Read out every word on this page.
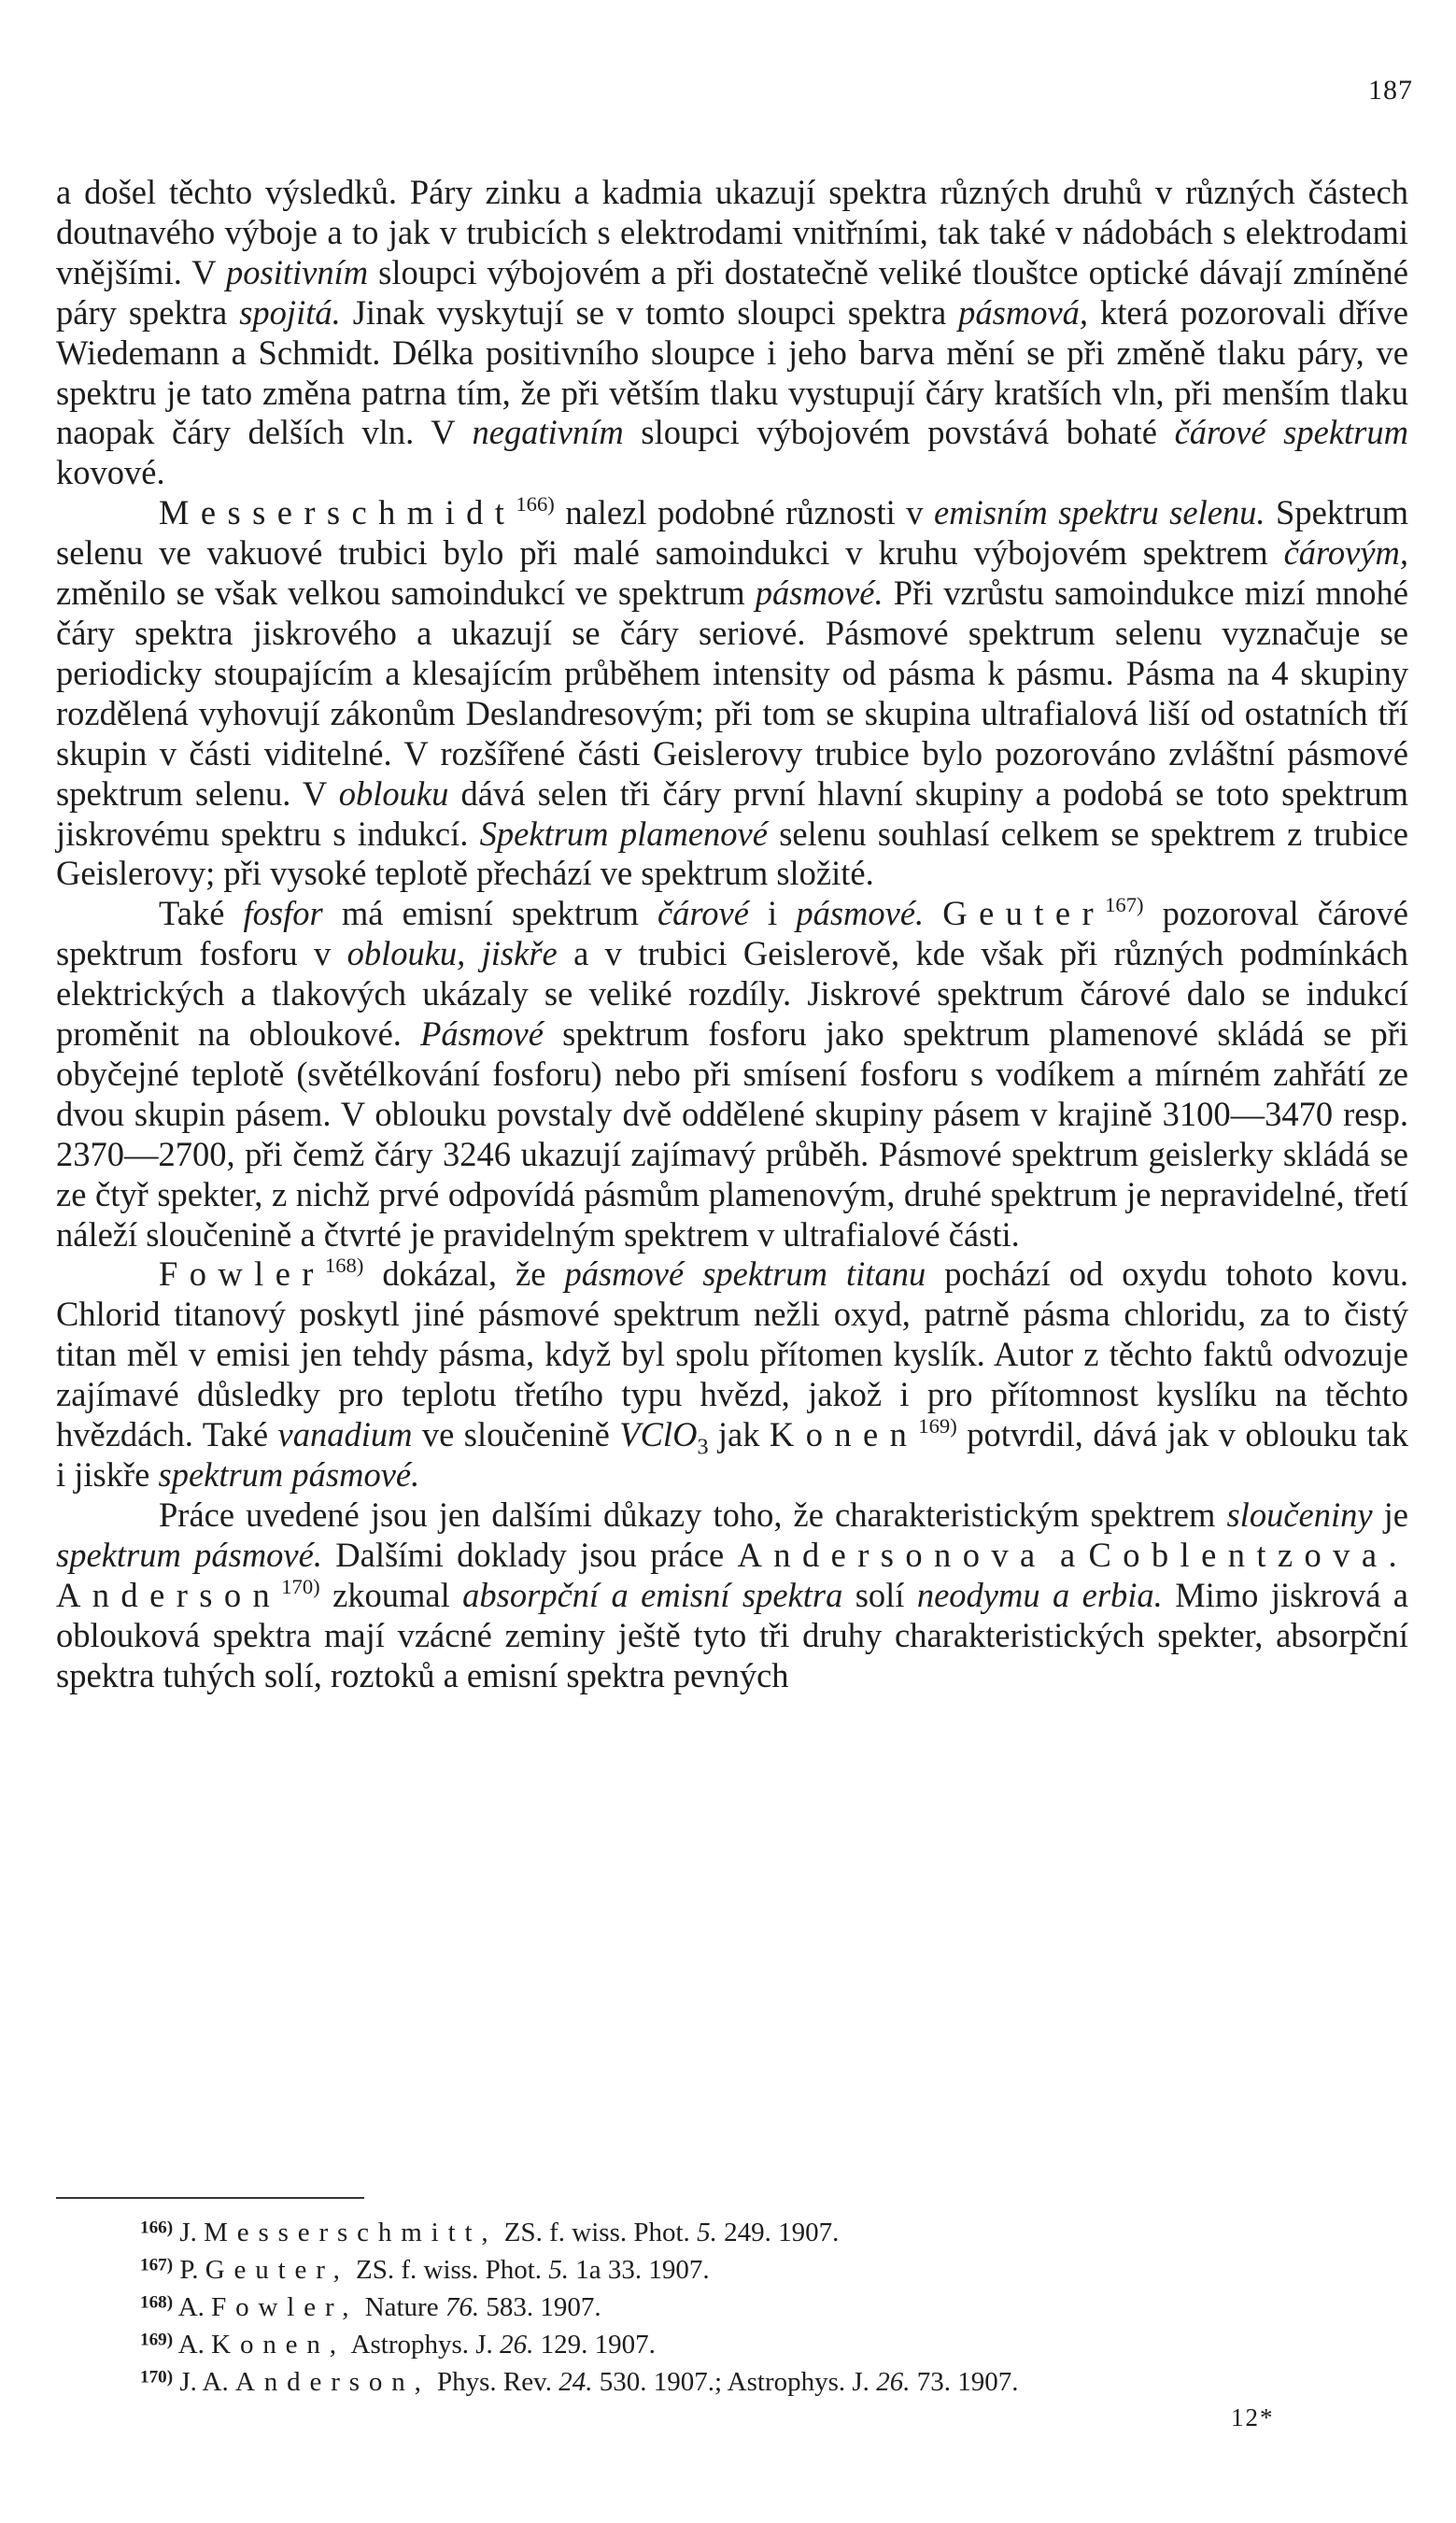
187

a došel těchto výsledků. Páry zinku a kadmia ukazují spektra různých druhů v různých částech doutnavého výboje a to jak v trubicích s elektrodami vnitřními, tak také v nádobách s elektrodami vnějšími. V positivním sloupci výbojovém a při dostatečně veliké tlouštce optické dávají zmíněné páry spektra spojitá. Jinak vyskytují se v tomto sloupci spektra pásmová, která pozorovali dříve Wiedemann a Schmidt. Délka positivního sloupce i jeho barva mění se při změně tlaku páry, ve spektru je tato změna patrna tím, že při větším tlaku vystupují čáry kratších vln, při menším tlaku naopak čáry delších vln. V negativním sloupci výbojovém povstává bohaté čárové spektrum kovové.

Messerschmidt$^{166)}$ nalezl podobné různosti v emisním spektru selenu. Spektrum selenu ve vakuové trubici bylo při malé samoindukci v kruhu výbojovém spektrem čárovým, změnilo se však velkou samoindukcí ve spektrum pásmové. Při vzrůstu samoindukce mizí mnohé čáry spektra jiskrového a ukazují se čáry seriové. Pásmové spektrum selenu vyznačuje se periodicky stoupajícím a klesajícím průběhem intensity od pásma k pásmu. Pásma na 4 skupiny rozdělená vyhovují zákonům Deslandresovým; při tom se skupina ultrafialová liší od ostatních tří skupin v části viditelné. V rozšířené části Geislerovy trubice bylo pozorováno zvláštní pásmové spektrum selenu. V oblouku dává selen tři čáry první hlavní skupiny a podobá se toto spektrum jiskrovému spektru s indukcí. Spektrum plamenové selenu souhlasí celkem se spektrem z trubice Geislerovy; při vysoké teplotě přechází ve spektrum složité.

Také fosfor má emisní spektrum čárové i pásmové. Geuter$^{167)}$ pozoroval čárové spektrum fosforu v oblouku, jiskře a v trubici Geislerově, kde však při různých podmínkách elektrických a tlakových ukázaly se veliké rozdíly. Jiskrové spektrum čárové dalo se indukcí proměnit na obloukové. Pásmové spektrum fosforu jako spektrum plamenové skládá se při obyčejné teplotě (světélkování fosforu) nebo při smísení fosforu s vodíkem a mírném zahřátí ze dvou skupin pásem. V oblouku povstaly dvě oddělené skupiny pásem v krajině 3100—3470 resp. 2370—2700, při čemž čáry 3246 ukazují zajímavý průběh. Pásmové spektrum geislerky skládá se ze čtyř spekter, z nichž prvé odpovídá pásmům plamenovým, druhé spektrum je nepravidelné, třetí náleží sloučenině a čtvrté je pravidelným spektrem v ultrafialové části.

Fowler$^{168)}$ dokázal, že pásmové spektrum titanu pochází od oxydu tohoto kovu. Chlorid titanový poskytl jiné pásmové spektrum nežli oxyd, patrně pásma chloridu, za to čistý titan měl v emisi jen tehdy pásma, když byl spolu přítomen kyslík. Autor z těchto faktů odvozuje zajímavé důsledky pro teplotu třetího typu hvězd, jakož i pro přítomnost kyslíku na těchto hvězdách. Také vanadium ve sloučenině VClO$_3$ jak Konen$^{169)}$ potvrdil, dává jak v oblouku tak i jiskře spektrum pásmové.

Práce uvedené jsou jen dalšími důkazy toho, že charakteristickým spektrem sloučeniny je spektrum pásmové. Dalšími doklady jsou práce Andersonova a Coblentzova. Anderson$^{170)}$ zkoumal absorpční a emisní spektra solí neodymu a erbia. Mimo jiskrová a oblouková spektra mají vzácné zeminy ještě tyto tři druhy charakteristických spekter, absorpční spektra tuhých solí, roztoků a emisní spektra pevných

$^{166)}$ J. Messerschmitt, ZS. f. wiss. Phot. 5. 249. 1907.
$^{167)}$ P. Geuter, ZS. f. wiss. Phot. 5. 1a 33. 1907.
$^{168)}$ A. Fowler, Nature 76. 583. 1907.
$^{169)}$ A. Konen, Astrophys. J. 26. 129. 1907.
$^{170)}$ J. A. Anderson, Phys. Rev. 24. 530. 1907.; Astrophys. J. 26. 73. 1907.
12*
